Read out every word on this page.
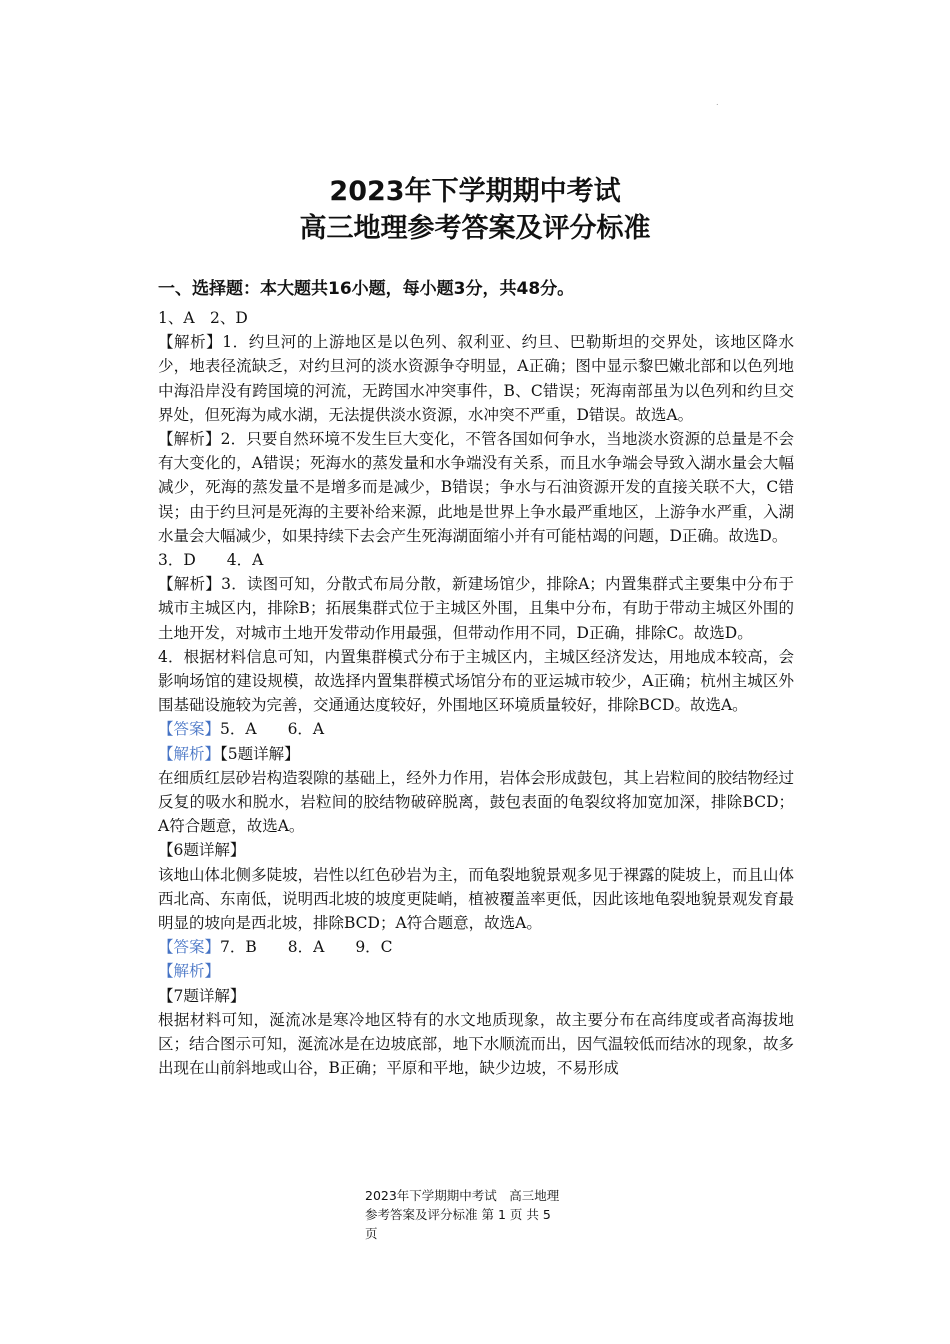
.
2023年下学期期中考试
高三地理参考答案及评分标准

一、选择题：本大题共16小题，每小题3分，共48分。

1、A　2、D

【解析】1．约旦河的上游地区是以色列、叙利亚、约旦、巴勒斯坦的交界处，该地区降水少，地表径流缺乏，对约旦河的淡水资源争夺明显，A正确；图中显示黎巴嫩北部和以色列地中海沿岸没有跨国境的河流，无跨国水冲突事件，B、C错误；死海南部虽为以色列和约旦交界处，但死海为咸水湖，无法提供淡水资源，水冲突不严重，D错误。故选A。

【解析】2．只要自然环境不发生巨大变化，不管各国如何争水，当地淡水资源的总量是不会有大变化的，A错误；死海水的蒸发量和水争端没有关系，而且水争端会导致入湖水量会大幅减少，死海的蒸发量不是增多而是减少，B错误；争水与石油资源开发的直接关联不大，C错误；由于约旦河是死海的主要补给来源，此地是世界上争水最严重地区，上游争水严重，入湖水量会大幅减少，如果持续下去会产生死海湖面缩小并有可能枯竭的问题，D正确。故选D。

3．D　　4．A

【解析】3．读图可知，分散式布局分散，新建场馆少，排除A；内置集群式主要集中分布于城市主城区内，排除B；拓展集群式位于主城区外围，且集中分布，有助于带动主城区外围的土地开发，对城市土地开发带动作用最强，但带动作用不同，D正确，排除C。故选D。

4．根据材料信息可知，内置集群模式分布于主城区内，主城区经济发达，用地成本较高，会影响场馆的建设规模，故选择内置集群模式场馆分布的亚运城市较少，A正确；杭州主城区外围基础设施较为完善，交通通达度较好，外围地区环境质量较好，排除BCD。故选A。

【答案】5．A　　6．A

【解析】【5题详解】

在细质红层砂岩构造裂隙的基础上，经外力作用，岩体会形成鼓包，其上岩粒间的胶结物经过反复的吸水和脱水，岩粒间的胶结物破碎脱离，鼓包表面的龟裂纹将加宽加深，排除BCD；A符合题意，故选A。

【6题详解】

该地山体北侧多陡坡，岩性以红色砂岩为主，而龟裂地貌景观多见于裸露的陡坡上，而且山体西北高、东南低，说明西北坡的坡度更陡峭，植被覆盖率更低，因此该地龟裂地貌景观发育最明显的坡向是西北坡，排除BCD；A符合题意，故选A。

【答案】7．B　　8．A　　9．C

【解析】

【7题详解】

根据材料可知，涎流冰是寒冷地区特有的水文地质现象，故主要分布在高纬度或者高海拔地区；结合图示可知，涎流冰是在边坡底部，地下水顺流而出，因气温较低而结冰的现象，故多出现在山前斜地或山谷，B正确；平原和平地，缺少边坡，不易形成

2023年下学期期中考试　高三地理

参考答案及评分标准 第 1 页 共 5

页
